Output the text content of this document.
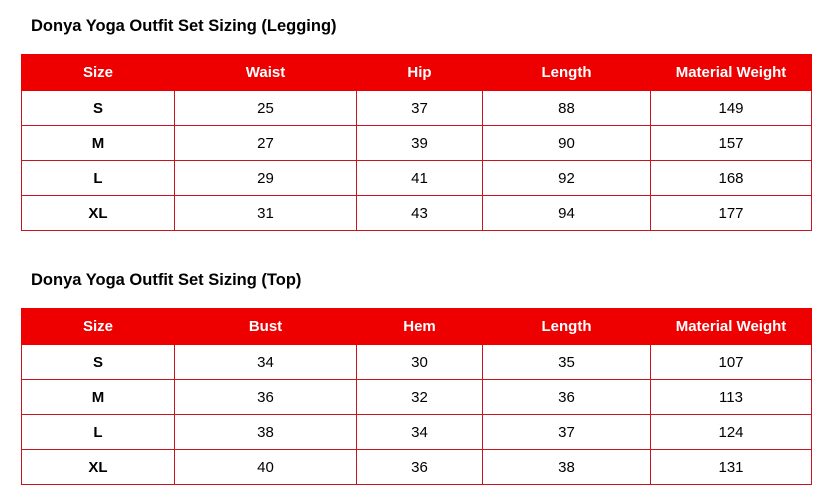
Donya Yoga Outfit Set Sizing (Legging)
Size	Waist	Hip	Length	Material Weight
S	25	37	88	149
M	27	39	90	157
L	29	41	92	168
XL	31	43	94	177
Donya Yoga Outfit Set Sizing (Top)
Size	Bust	Hem	Length	Material Weight
S	34	30	35	107
M	36	32	36	113
L	38	34	37	124
XL	40	36	38	131
